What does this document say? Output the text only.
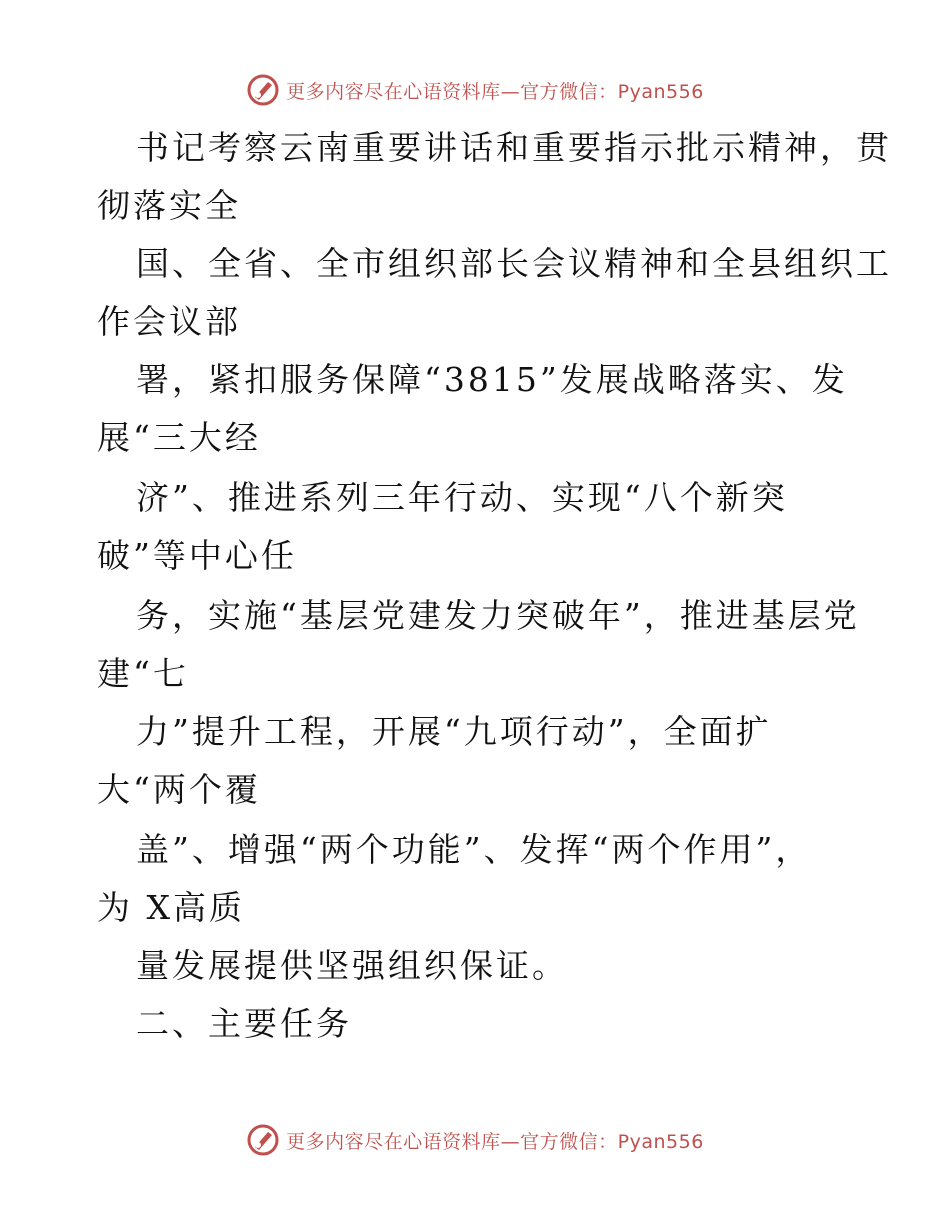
更多内容尽在心语资料库—官方微信：Pyan556
书记考察云南重要讲话和重要指示批示精神，贯
彻落实全
国、全省、全市组织部长会议精神和全县组织工
作会议部
署，紧扣服务保障“3815”发展战略落实、发
展“三大经
济”、推进系列三年行动、实现“八个新突
破”等中心任
务，实施“基层党建发力突破年”，推进基层党
建“七
力”提升工程，开展“九项行动”，全面扩
大“两个覆
盖”、增强“两个功能”、发挥“两个作用”，
为 X高质
量发展提供坚强组织保证。
二、主要任务
更多内容尽在心语资料库—官方微信：Pyan556
